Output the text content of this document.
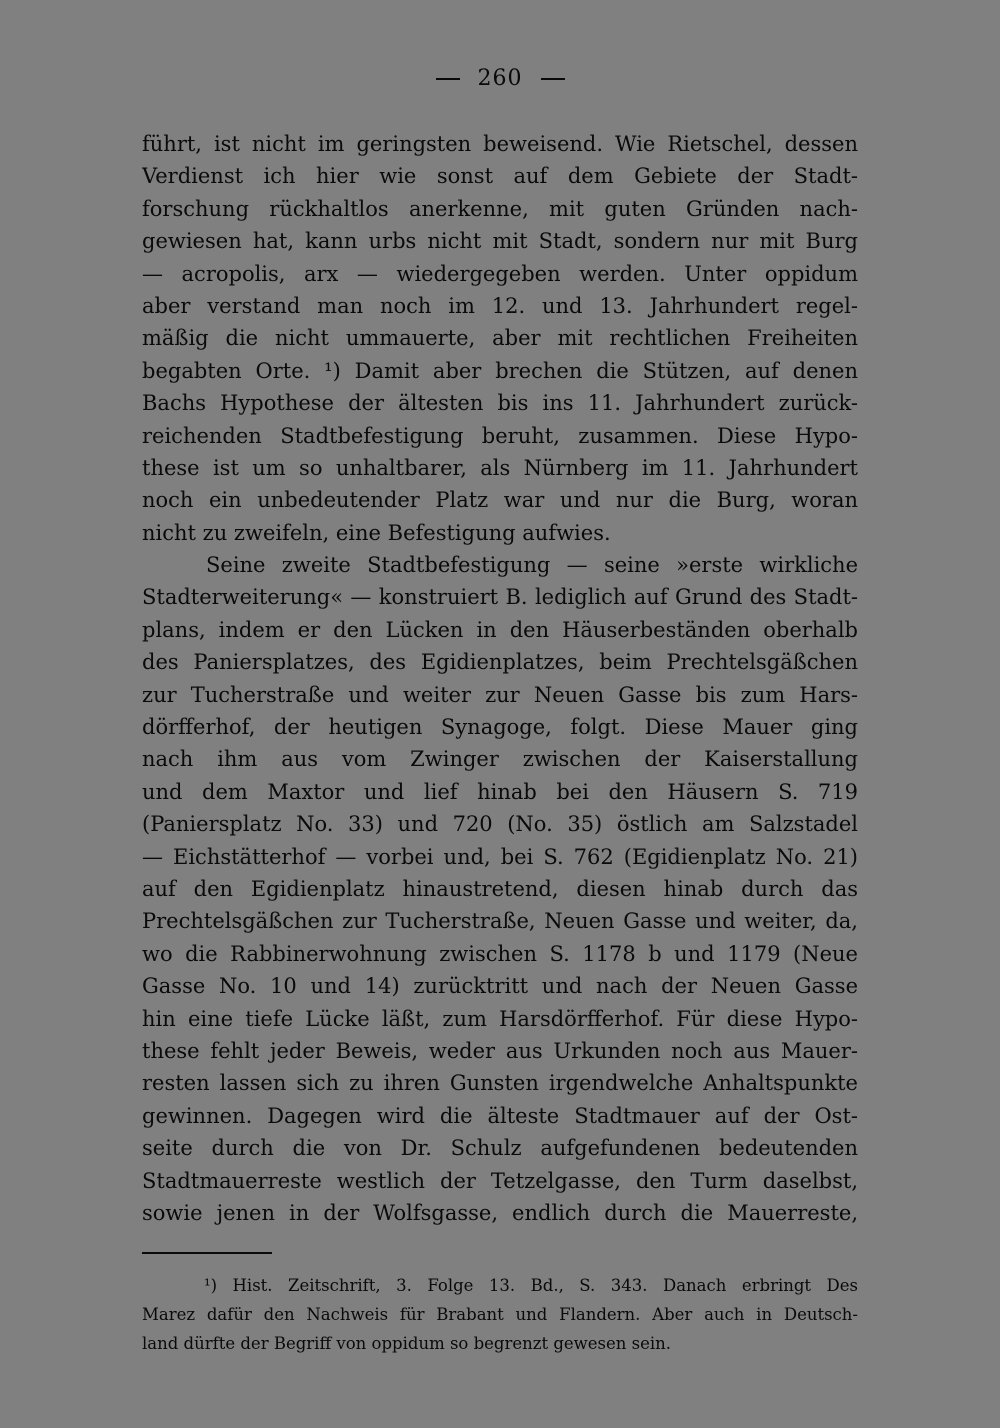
260
führt, ist nicht im geringsten beweisend. Wie Rietschel, dessen
Verdienst ich hier wie sonst auf dem Gebiete der Stadt-
forschung rückhaltlos anerkenne, mit guten Gründen nach-
gewiesen hat, kann urbs nicht mit Stadt, sondern nur mit Burg
— acropolis, arx — wiedergegeben werden. Unter oppidum
aber verstand man noch im 12. und 13. Jahrhundert regel-
mäßig die nicht ummauerte, aber mit rechtlichen Freiheiten
begabten Orte. ¹) Damit aber brechen die Stützen, auf denen
Bachs Hypothese der ältesten bis ins 11. Jahrhundert zurück-
reichenden Stadtbefestigung beruht, zusammen. Diese Hypo-
these ist um so unhaltbarer, als Nürnberg im 11. Jahrhundert
noch ein unbedeutender Platz war und nur die Burg, woran
nicht zu zweifeln, eine Befestigung aufwies.
Seine zweite Stadtbefestigung — seine »erste wirkliche
Stadterweiterung« — konstruiert B. lediglich auf Grund des Stadt-
plans, indem er den Lücken in den Häuserbeständen oberhalb
des Paniersplatzes, des Egidienplatzes, beim Prechtelsgäßchen
zur Tucherstraße und weiter zur Neuen Gasse bis zum Hars-
dörfferhof, der heutigen Synagoge, folgt. Diese Mauer ging
nach ihm aus vom Zwinger zwischen der Kaiserstallung
und dem Maxtor und lief hinab bei den Häusern S. 719
(Paniersplatz No. 33) und 720 (No. 35) östlich am Salzstadel
— Eichstätterhof — vorbei und, bei S. 762 (Egidienplatz No. 21)
auf den Egidienplatz hinaustretend, diesen hinab durch das
Prechtelsgäßchen zur Tucherstraße, Neuen Gasse und weiter, da,
wo die Rabbinerwohnung zwischen S. 1178 b und 1179 (Neue
Gasse No. 10 und 14) zurücktritt und nach der Neuen Gasse
hin eine tiefe Lücke läßt, zum Harsdörfferhof. Für diese Hypo-
these fehlt jeder Beweis, weder aus Urkunden noch aus Mauer-
resten lassen sich zu ihren Gunsten irgendwelche Anhaltspunkte
gewinnen. Dagegen wird die älteste Stadtmauer auf der Ost-
seite durch die von Dr. Schulz aufgefundenen bedeutenden
Stadtmauerreste westlich der Tetzelgasse, den Turm daselbst,
sowie jenen in der Wolfsgasse, endlich durch die Mauerreste,
¹) Hist. Zeitschrift, 3. Folge 13. Bd., S. 343. Danach erbringt Des
Marez dafür den Nachweis für Brabant und Flandern. Aber auch in Deutsch-
land dürfte der Begriff von oppidum so begrenzt gewesen sein.
